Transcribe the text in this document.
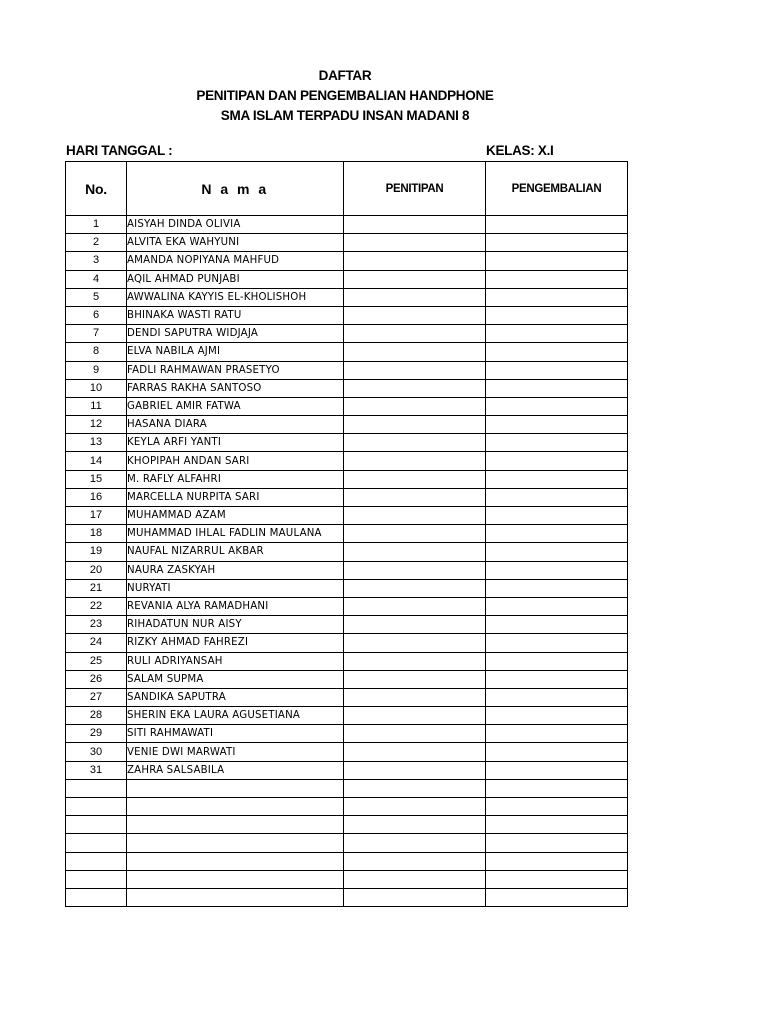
DAFTAR
PENITIPAN DAN PENGEMBALIAN HANDPHONE
SMA ISLAM TERPADU INSAN MADANI 8
HARI TANGGAL :	KELAS: X.I
No.	N a m a	PENITIPAN	PENGEMBALIAN
1	AISYAH DINDA OLIVIA		
2	ALVITA EKA WAHYUNI		
3	AMANDA NOPIYANA MAHFUD		
4	AQIL AHMAD PUNJABI		
5	AWWALINA KAYYIS EL-KHOLISHOH		
6	BHINAKA WASTI RATU		
7	DENDI SAPUTRA WIDJAJA		
8	ELVA NABILA AJMI		
9	FADLI RAHMAWAN PRASETYO		
10	FARRAS RAKHA SANTOSO		
11	GABRIEL AMIR FATWA		
12	HASANA DIARA		
13	KEYLA ARFI YANTI		
14	KHOPIPAH ANDAN SARI		
15	M. RAFLY ALFAHRI		
16	MARCELLA NURPITA SARI		
17	MUHAMMAD AZAM		
18	MUHAMMAD IHLAL FADLIN MAULANA		
19	NAUFAL NIZARRUL AKBAR		
20	NAURA ZASKYAH		
21	NURYATI		
22	REVANIA ALYA RAMADHANI		
23	RIHADATUN NUR AISY		
24	RIZKY AHMAD FAHREZI		
25	RULI ADRIYANSAH		
26	SALAM SUPMA		
27	SANDIKA SAPUTRA		
28	SHERIN EKA LAURA AGUSETIANA		
29	SITI RAHMAWATI		
30	VENIE DWI MARWATI		
31	ZAHRA SALSABILA		
